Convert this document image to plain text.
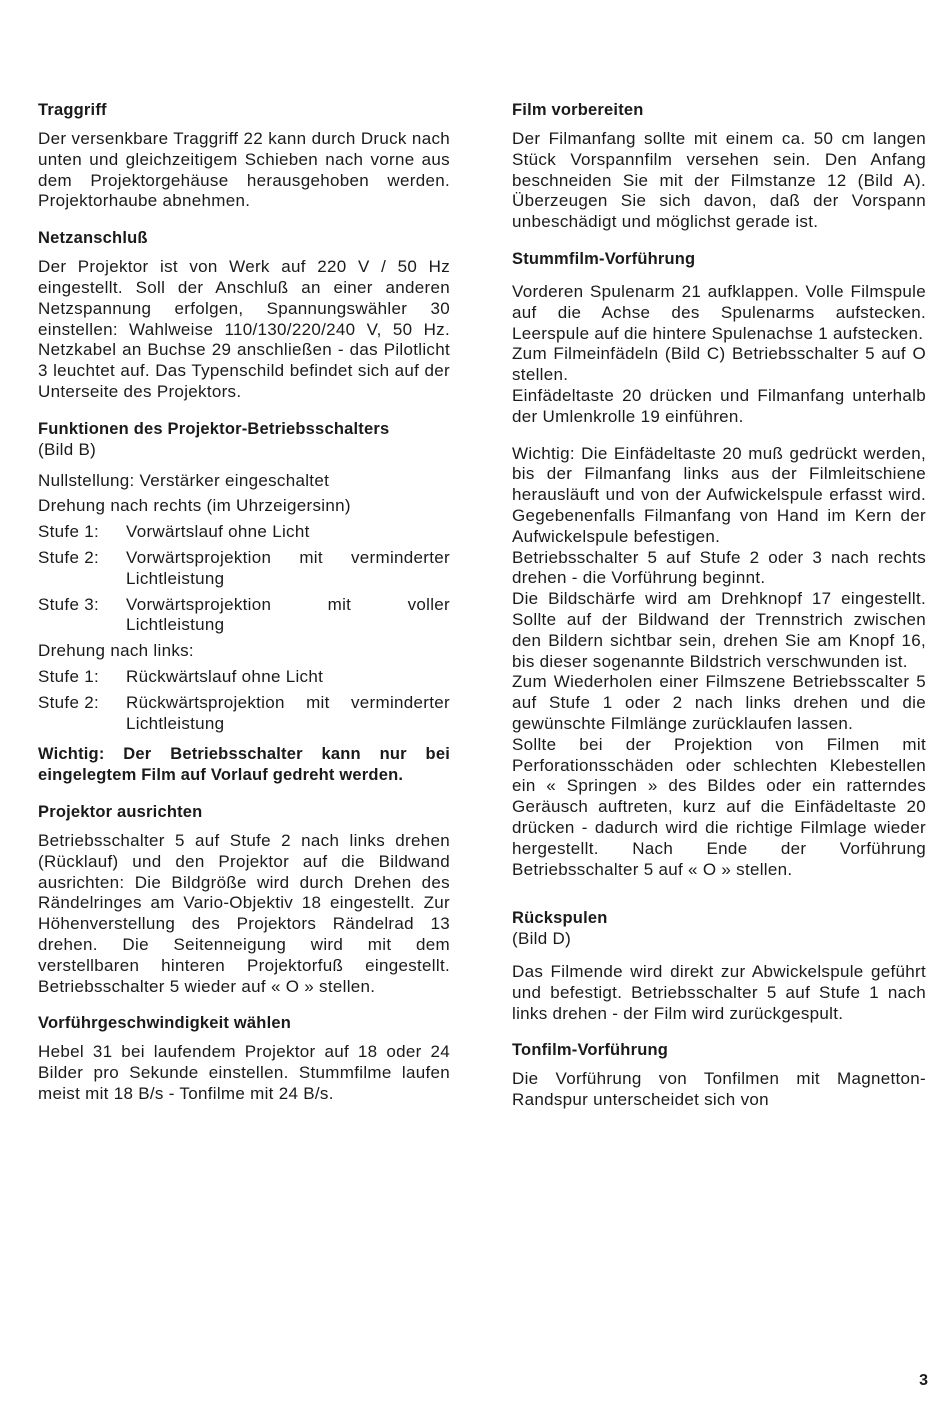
Traggriff

Der versenkbare Traggriff 22 kann durch Druck nach unten und gleichzeitigem Schieben nach vorne aus dem Projektorgehäuse herausgehoben werden. Projektorhaube abnehmen.

Netzanschluß

Der Projektor ist von Werk auf 220 V / 50 Hz eingestellt. Soll der Anschluß an einer anderen Netzspannung erfolgen, Spannungswähler 30 einstellen: Wahlweise 110/130/220/240 V, 50 Hz. Netzkabel an Buchse 29 anschließen - das Pilotlicht 3 leuchtet auf. Das Typenschild befindet sich auf der Unterseite des Projektors.

Funktionen des Projektor-Betriebsschalters
(Bild B)

Nullstellung: Verstärker eingeschaltet

Drehung nach rechts (im Uhrzeigersinn)

Stufe 1:	Vorwärtslauf ohne Licht
Stufe 2:	Vorwärtsprojektion mit verminderter Lichtleistung
Stufe 3:	Vorwärtsprojektion mit voller Lichtleistung

Drehung nach links:

Stufe 1:	Rückwärtslauf ohne Licht
Stufe 2:	Rückwärtsprojektion mit verminderter Lichtleistung
Wichtig: Der Betriebsschalter kann nur bei eingelegtem Film auf Vorlauf gedreht werden.
Projektor ausrichten

Betriebsschalter 5 auf Stufe 2 nach links drehen (Rücklauf) und den Projektor auf die Bildwand ausrichten: Die Bildgröße wird durch Drehen des Rändelringes am Vario-Objektiv 18 eingestellt. Zur Höhenverstellung des Projektors Rändelrad 13 drehen. Die Seitenneigung wird mit dem verstellbaren hinteren Projektorfuß eingestellt. Betriebsschalter 5 wieder auf « O » stellen.

Vorführgeschwindigkeit wählen

Hebel 31 bei laufendem Projektor auf 18 oder 24 Bilder pro Sekunde einstellen. Stummfilme laufen meist mit 18 B/s - Tonfilme mit 24 B/s.

Film vorbereiten

Der Filmanfang sollte mit einem ca. 50 cm langen Stück Vorspannfilm versehen sein. Den Anfang beschneiden Sie mit der Filmstanze 12 (Bild A). Überzeugen Sie sich davon, daß der Vorspann unbeschädigt und möglichst gerade ist.

Stummfilm-Vorführung

Vorderen Spulenarm 21 aufklappen. Volle Filmspule auf die Achse des Spulenarms aufstecken. Leerspule auf die hintere Spulenachse 1 aufstecken.

Zum Filmeinfädeln (Bild C) Betriebsschalter 5 auf O stellen.

Einfädeltaste 20 drücken und Filmanfang unterhalb der Umlenkrolle 19 einführen.

Wichtig: Die Einfädeltaste 20 muß gedrückt werden, bis der Filmanfang links aus der Filmleitschiene herausläuft und von der Aufwickelspule erfasst wird. Gegebenenfalls Filmanfang von Hand im Kern der Aufwickelspule befestigen.

Betriebsschalter 5 auf Stufe 2 oder 3 nach rechts drehen - die Vorführung beginnt.

Die Bildschärfe wird am Drehknopf 17 eingestellt. Sollte auf der Bildwand der Trennstrich zwischen den Bildern sichtbar sein, drehen Sie am Knopf 16, bis dieser sogenannte Bildstrich verschwunden ist.

Zum Wiederholen einer Filmszene Betriebsscalter 5 auf Stufe 1 oder 2 nach links drehen und die gewünschte Filmlänge zurücklaufen lassen.

Sollte bei der Projektion von Filmen mit Perforationsschäden oder schlechten Klebestellen ein « Springen » des Bildes oder ein ratterndes Geräusch auftreten, kurz auf die Einfädeltaste 20 drücken - dadurch wird die richtige Filmlage wieder hergestellt. Nach Ende der Vorführung Betriebsschalter 5 auf « O » stellen.

Rückspulen
(Bild D)

Das Filmende wird direkt zur Abwickelspule geführt und befestigt. Betriebsschalter 5 auf Stufe 1 nach links drehen - der Film wird zurückgespult.

Tonfilm-Vorführung

Die Vorführung von Tonfilmen mit Magnetton-Randspur unterscheidet sich von

3
